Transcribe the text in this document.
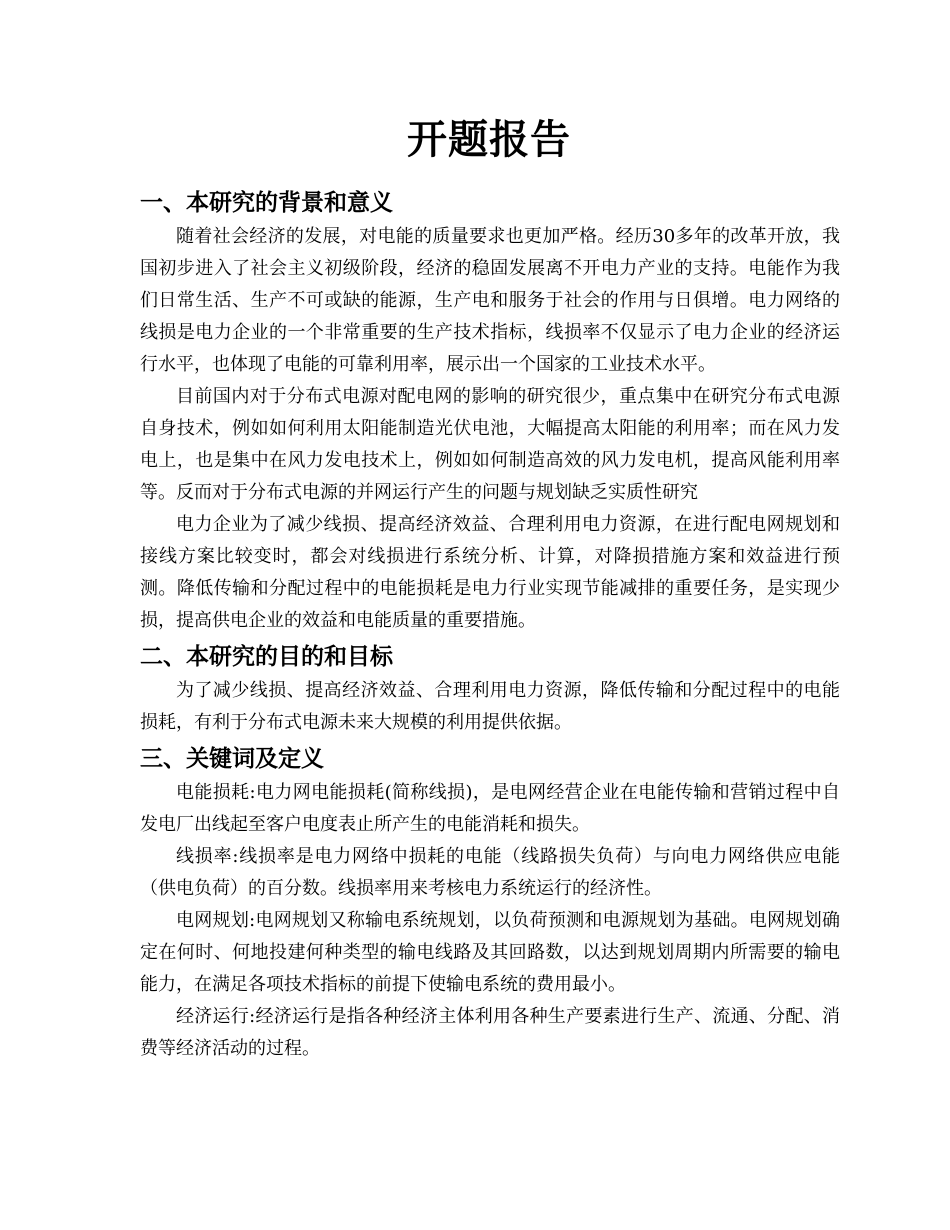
开题报告
一、本研究的背景和意义

随着社会经济的发展，对电能的质量要求也更加严格。经历30多年的改革开放，我国初步进入了社会主义初级阶段，经济的稳固发展离不开电力产业的支持。电能作为我们日常生活、生产不可或缺的能源，生产电和服务于社会的作用与日俱增。电力网络的线损是电力企业的一个非常重要的生产技术指标，线损率不仅显示了电力企业的经济运行水平，也体现了电能的可靠利用率，展示出一个国家的工业技术水平。

目前国内对于分布式电源对配电网的影响的研究很少，重点集中在研究分布式电源自身技术，例如如何利用太阳能制造光伏电池，大幅提高太阳能的利用率；而在风力发电上，也是集中在风力发电技术上，例如如何制造高效的风力发电机，提高风能利用率等。反而对于分布式电源的并网运行产生的问题与规划缺乏实质性研究

电力企业为了减少线损、提高经济效益、合理利用电力资源，在进行配电网规划和接线方案比较变时，都会对线损进行系统分析、计算，对降损措施方案和效益进行预测。降低传输和分配过程中的电能损耗是电力行业实现节能减排的重要任务，是实现少损，提高供电企业的效益和电能质量的重要措施。

二、本研究的目的和目标

为了减少线损、提高经济效益、合理利用电力资源，降低传输和分配过程中的电能损耗，有利于分布式电源未来大规模的利用提供依据。

三、关键词及定义

电能损耗:电力网电能损耗(简称线损)，是电网经营企业在电能传输和营销过程中自发电厂出线起至客户电度表止所产生的电能消耗和损失。

线损率:线损率是电力网络中损耗的电能（线路损失负荷）与向电力网络供应电能（供电负荷）的百分数。线损率用来考核电力系统运行的经济性。

电网规划:电网规划又称输电系统规划，以负荷预测和电源规划为基础。电网规划确定在何时、何地投建何种类型的输电线路及其回路数，以达到规划周期内所需要的输电能力，在满足各项技术指标的前提下使输电系统的费用最小。

经济运行:经济运行是指各种经济主体利用各种生产要素进行生产、流通、分配、消费等经济活动的过程。
